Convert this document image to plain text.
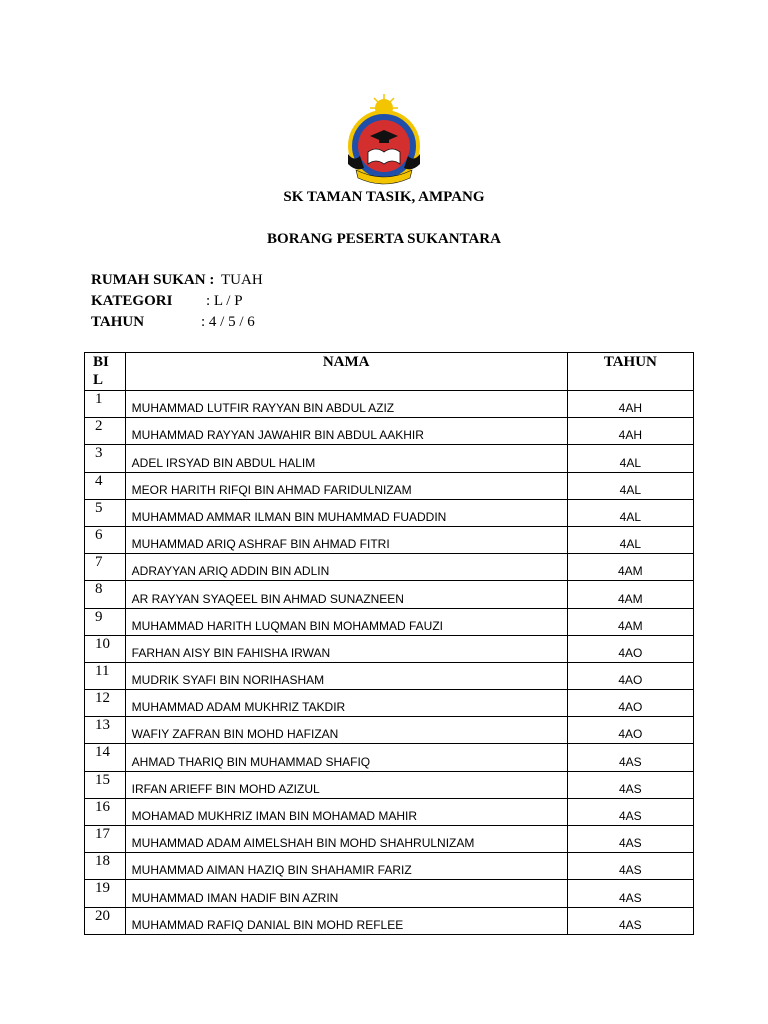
SK TAMAN TASIK, AMPANG
BORANG PESERTA SUKANTARA
RUMAH SUKAN : TUAH
KATEGORI : L / P
TAHUN	: 4 / 5 / 6
BI
L	NAMA	TAHUN
1	MUHAMMAD LUTFIR RAYYAN BIN ABDUL AZIZ	4AH
2	MUHAMMAD RAYYAN JAWAHIR BIN ABDUL AAKHIR	4AH
3	ADEL IRSYAD BIN ABDUL HALIM	4AL
4	MEOR HARITH RIFQI BIN AHMAD FARIDULNIZAM	4AL
5	MUHAMMAD AMMAR ILMAN BIN MUHAMMAD FUADDIN	4AL
6	MUHAMMAD ARIQ ASHRAF BIN AHMAD FITRI	4AL
7	ADRAYYAN ARIQ ADDIN BIN ADLIN	4AM
8	AR RAYYAN SYAQEEL BIN AHMAD SUNAZNEEN	4AM
9	MUHAMMAD HARITH LUQMAN BIN MOHAMMAD FAUZI	4AM
10	FARHAN AISY BIN FAHISHA IRWAN	4AO
11	MUDRIK SYAFI BIN NORIHASHAM	4AO
12	MUHAMMAD ADAM MUKHRIZ TAKDIR	4AO
13	WAFIY ZAFRAN BIN MOHD HAFIZAN	4AO
14	AHMAD THARIQ BIN MUHAMMAD SHAFIQ	4AS
15	IRFAN ARIEFF BIN MOHD AZIZUL	4AS
16	MOHAMAD MUKHRIZ IMAN BIN MOHAMAD MAHIR	4AS
17	MUHAMMAD ADAM AIMELSHAH BIN MOHD SHAHRULNIZAM	4AS
18	MUHAMMAD AIMAN HAZIQ BIN SHAHAMIR FARIZ	4AS
19	MUHAMMAD IMAN HADIF BIN AZRIN	4AS
20	MUHAMMAD RAFIQ DANIAL BIN MOHD REFLEE	4AS
